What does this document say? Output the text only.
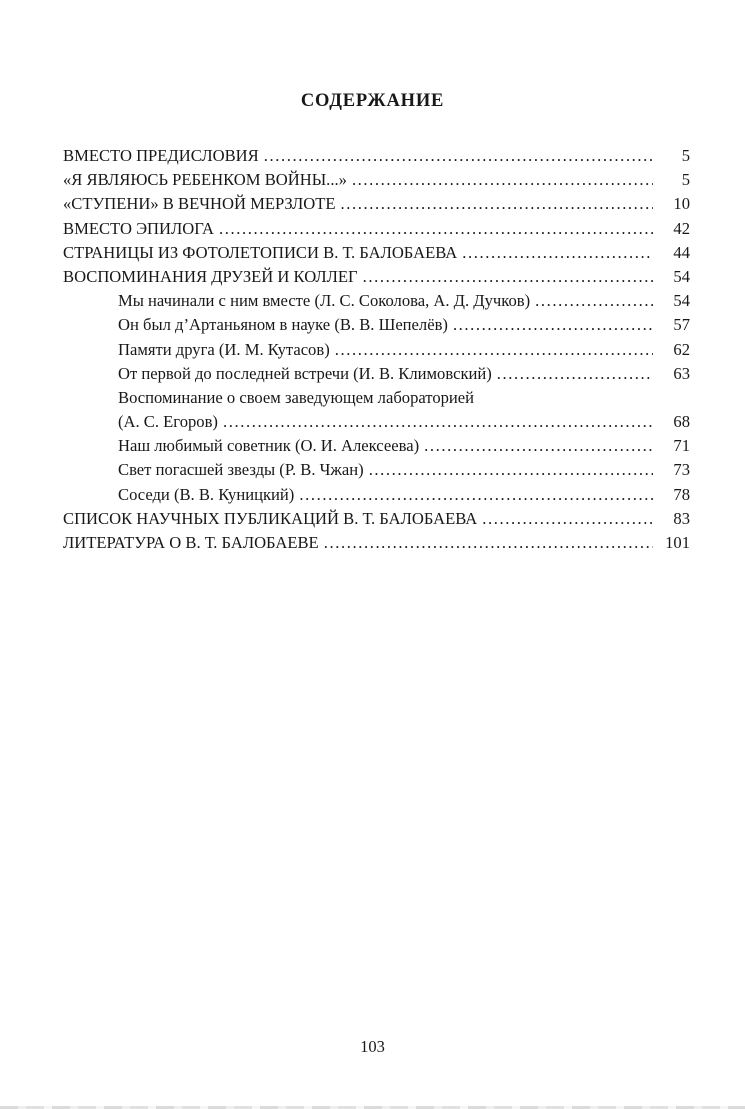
СОДЕРЖАНИЕ
ВМЕСТО ПРЕДИСЛОВИЯ .....	5
«Я ЯВЛЯЮСЬ РЕБЕНКОМ ВОЙНЫ...» .....	5
«СТУПЕНИ» В ВЕЧНОЙ МЕРЗЛОТЕ .....	10
ВМЕСТО ЭПИЛОГА .....	42
СТРАНИЦЫ ИЗ ФОТОЛЕТОПИСИ В. Т. БАЛОБАЕВА .....	44
ВОСПОМИНАНИЯ ДРУЗЕЙ И КОЛЛЕГ .....	54
Мы начинали с ним вместе (Л. С. Соколова, А. Д. Дучков) .....	54
Он был д’Артаньяном в науке (В. В. Шепелёв) .....	57
Памяти друга (И. М. Кутасов) .....	62
От первой до последней встречи (И. В. Климовский) .....	63
Воспоминание о своем заведующем лабораторией
(А. С. Егоров) .....	68
Наш любимый советник (О. И. Алексеева) .....	71
Свет погасшей звезды (Р. В. Чжан) .....	73
Соседи (В. В. Куницкий) .....	78
СПИСОК НАУЧНЫХ ПУБЛИКАЦИЙ В. Т. БАЛОБАЕВА .....	83
ЛИТЕРАТУРА О В. Т. БАЛОБАЕВЕ .....	101
103
